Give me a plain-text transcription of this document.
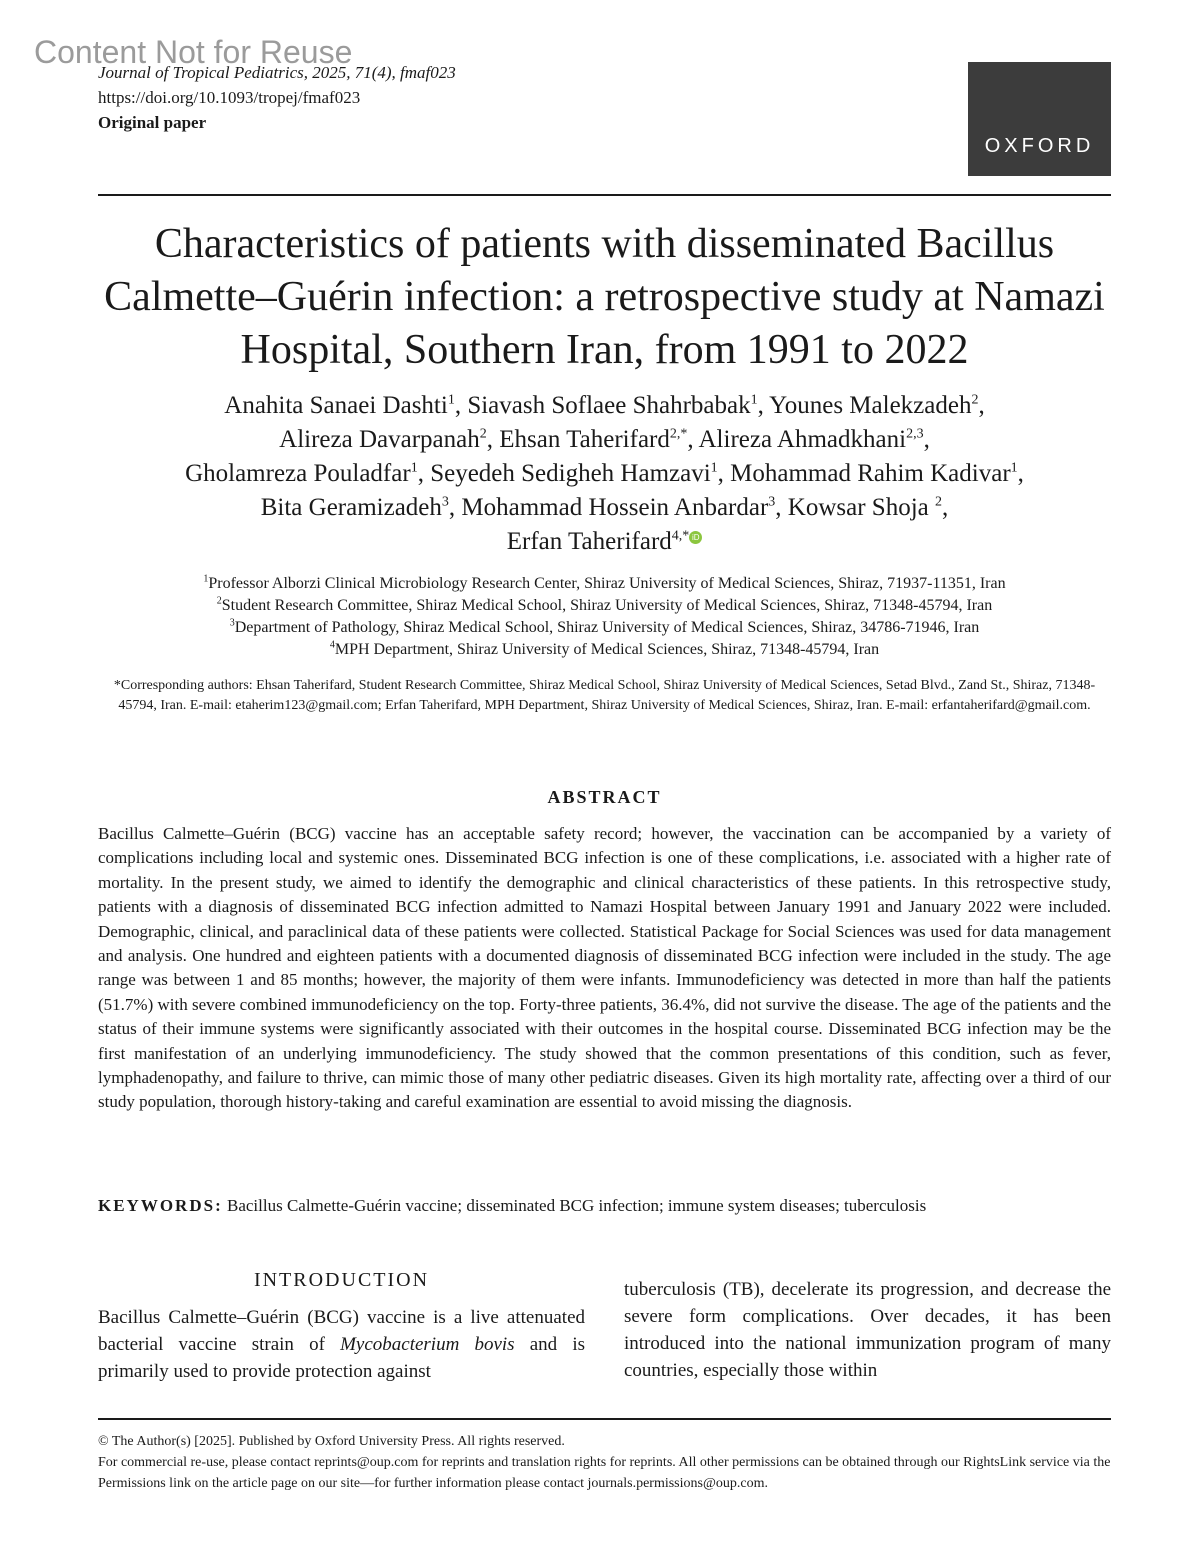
Content Not for Reuse
Journal of Tropical Pediatrics, 2025, 71(4), fmaf023
https://doi.org/10.1093/tropej/fmaf023
Original paper
OXFORD
Characteristics of patients with disseminated Bacillus Calmette–Guérin infection: a retrospective study at Namazi Hospital, Southern Iran, from 1991 to 2022
Anahita Sanaei Dashti$^1$, Siavash Soflaee Shahrbabak$^1$, Younes Malekzadeh$^2$,
Alireza Davarpanah$^2$, Ehsan Taherifard$^{2,*}$, Alireza Ahmadkhani$^{2,3}$,
Gholamreza Pouladfar$^1$, Seyedeh Sedigheh Hamzavi$^1$, Mohammad Rahim Kadivar$^1$,
Bita Geramizadeh$^3$, Mohammad Hossein Anbardar$^3$, Kowsar Shoja $^2$,
Erfan Taherifard$^{4,*}$ iD
$^1$Professor Alborzi Clinical Microbiology Research Center, Shiraz University of Medical Sciences, Shiraz, 71937-11351, Iran
$^2$Student Research Committee, Shiraz Medical School, Shiraz University of Medical Sciences, Shiraz, 71348-45794, Iran
$^3$Department of Pathology, Shiraz Medical School, Shiraz University of Medical Sciences, Shiraz, 34786-71946, Iran
$^4$MPH Department, Shiraz University of Medical Sciences, Shiraz, 71348-45794, Iran
*Corresponding authors: Ehsan Taherifard, Student Research Committee, Shiraz Medical School, Shiraz University of Medical Sciences, Setad Blvd., Zand St., Shiraz, 71348-45794, Iran. E-mail: etaherim123@gmail.com; Erfan Taherifard, MPH Department, Shiraz University of Medical Sciences, Shiraz, Iran. E-mail: erfantaherifard@gmail.com.
ABSTRACT

Bacillus Calmette–Guérin (BCG) vaccine has an acceptable safety record; however, the vaccination can be accompanied by a variety of complications including local and systemic ones. Disseminated BCG infection is one of these complications, i.e. associated with a higher rate of mortality. In the present study, we aimed to identify the demographic and clinical characteristics of these patients. In this retrospective study, patients with a diagnosis of disseminated BCG infection admitted to Namazi Hospital between January 1991 and January 2022 were included. Demographic, clinical, and paraclinical data of these patients were collected. Statistical Package for Social Sciences was used for data management and analysis. One hundred and eighteen patients with a documented diagnosis of disseminated BCG infection were included in the study. The age range was between 1 and 85 months; however, the majority of them were infants. Immunodeficiency was detected in more than half the patients (51.7%) with severe combined immunodeficiency on the top. Forty-three patients, 36.4%, did not survive the disease. The age of the patients and the status of their immune systems were significantly associated with their outcomes in the hospital course. Disseminated BCG infection may be the first manifestation of an underlying immunodeficiency. The study showed that the common presentations of this condition, such as fever, lymphadenopathy, and failure to thrive, can mimic those of many other pediatric diseases. Given its high mortality rate, affecting over a third of our study population, thorough history-taking and careful examination are essential to avoid missing the diagnosis.

KEYWORDS: Bacillus Calmette-Guérin vaccine; disseminated BCG infection; immune system diseases; tuberculosis
INTRODUCTION

Bacillus Calmette–Guérin (BCG) vaccine is a live attenuated bacterial vaccine strain of Mycobacterium bovis and is primarily used to provide protection against

tuberculosis (TB), decelerate its progression, and decrease the severe form complications. Over decades, it has been introduced into the national immunization program of many countries, especially those within

© The Author(s) [2025]. Published by Oxford University Press. All rights reserved.
For commercial re-use, please contact reprints@oup.com for reprints and translation rights for reprints. All other permissions can be obtained through our RightsLink service via the Permissions link on the article page on our site—for further information please contact journals.permissions@oup.com.
